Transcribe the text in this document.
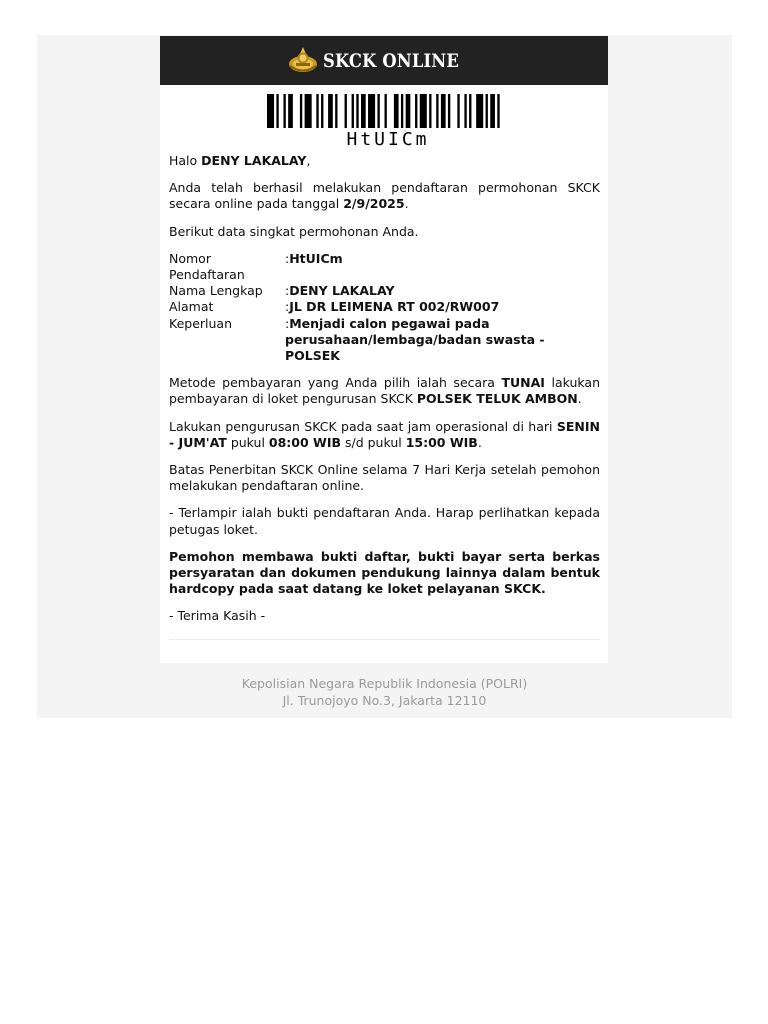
SKCK ONLINE
HtUICm

Halo DENY LAKALAY,

Anda telah berhasil melakukan pendaftaran permohonan SKCK secara online pada tanggal 2/9/2025.

Berikut data singkat permohonan Anda.

Nomor Pendaftaran	: HtUICm
Nama Lengkap	: DENY LAKALAY
Alamat	: JL DR LEIMENA RT 002/RW007
Keperluan	: Menjadi calon pegawai pada perusahaan/lembaga/badan swasta - POLSEK

Metode pembayaran yang Anda pilih ialah secara TUNAI lakukan pembayaran di loket pengurusan SKCK POLSEK TELUK AMBON.

Lakukan pengurusan SKCK pada saat jam operasional di hari SENIN - JUM'AT pukul 08:00 WIB s/d pukul 15:00 WIB.

Batas Penerbitan SKCK Online selama 7 Hari Kerja setelah pemohon melakukan pendaftaran online.

- Terlampir ialah bukti pendaftaran Anda. Harap perlihatkan kepada petugas loket.

Pemohon membawa bukti daftar, bukti bayar serta berkas persyaratan dan dokumen pendukung lainnya dalam bentuk hardcopy pada saat datang ke loket pelayanan SKCK.

- Terima Kasih -

Kepolisian Negara Republik Indonesia (POLRI)
Jl. Trunojoyo No.3, Jakarta 12110
